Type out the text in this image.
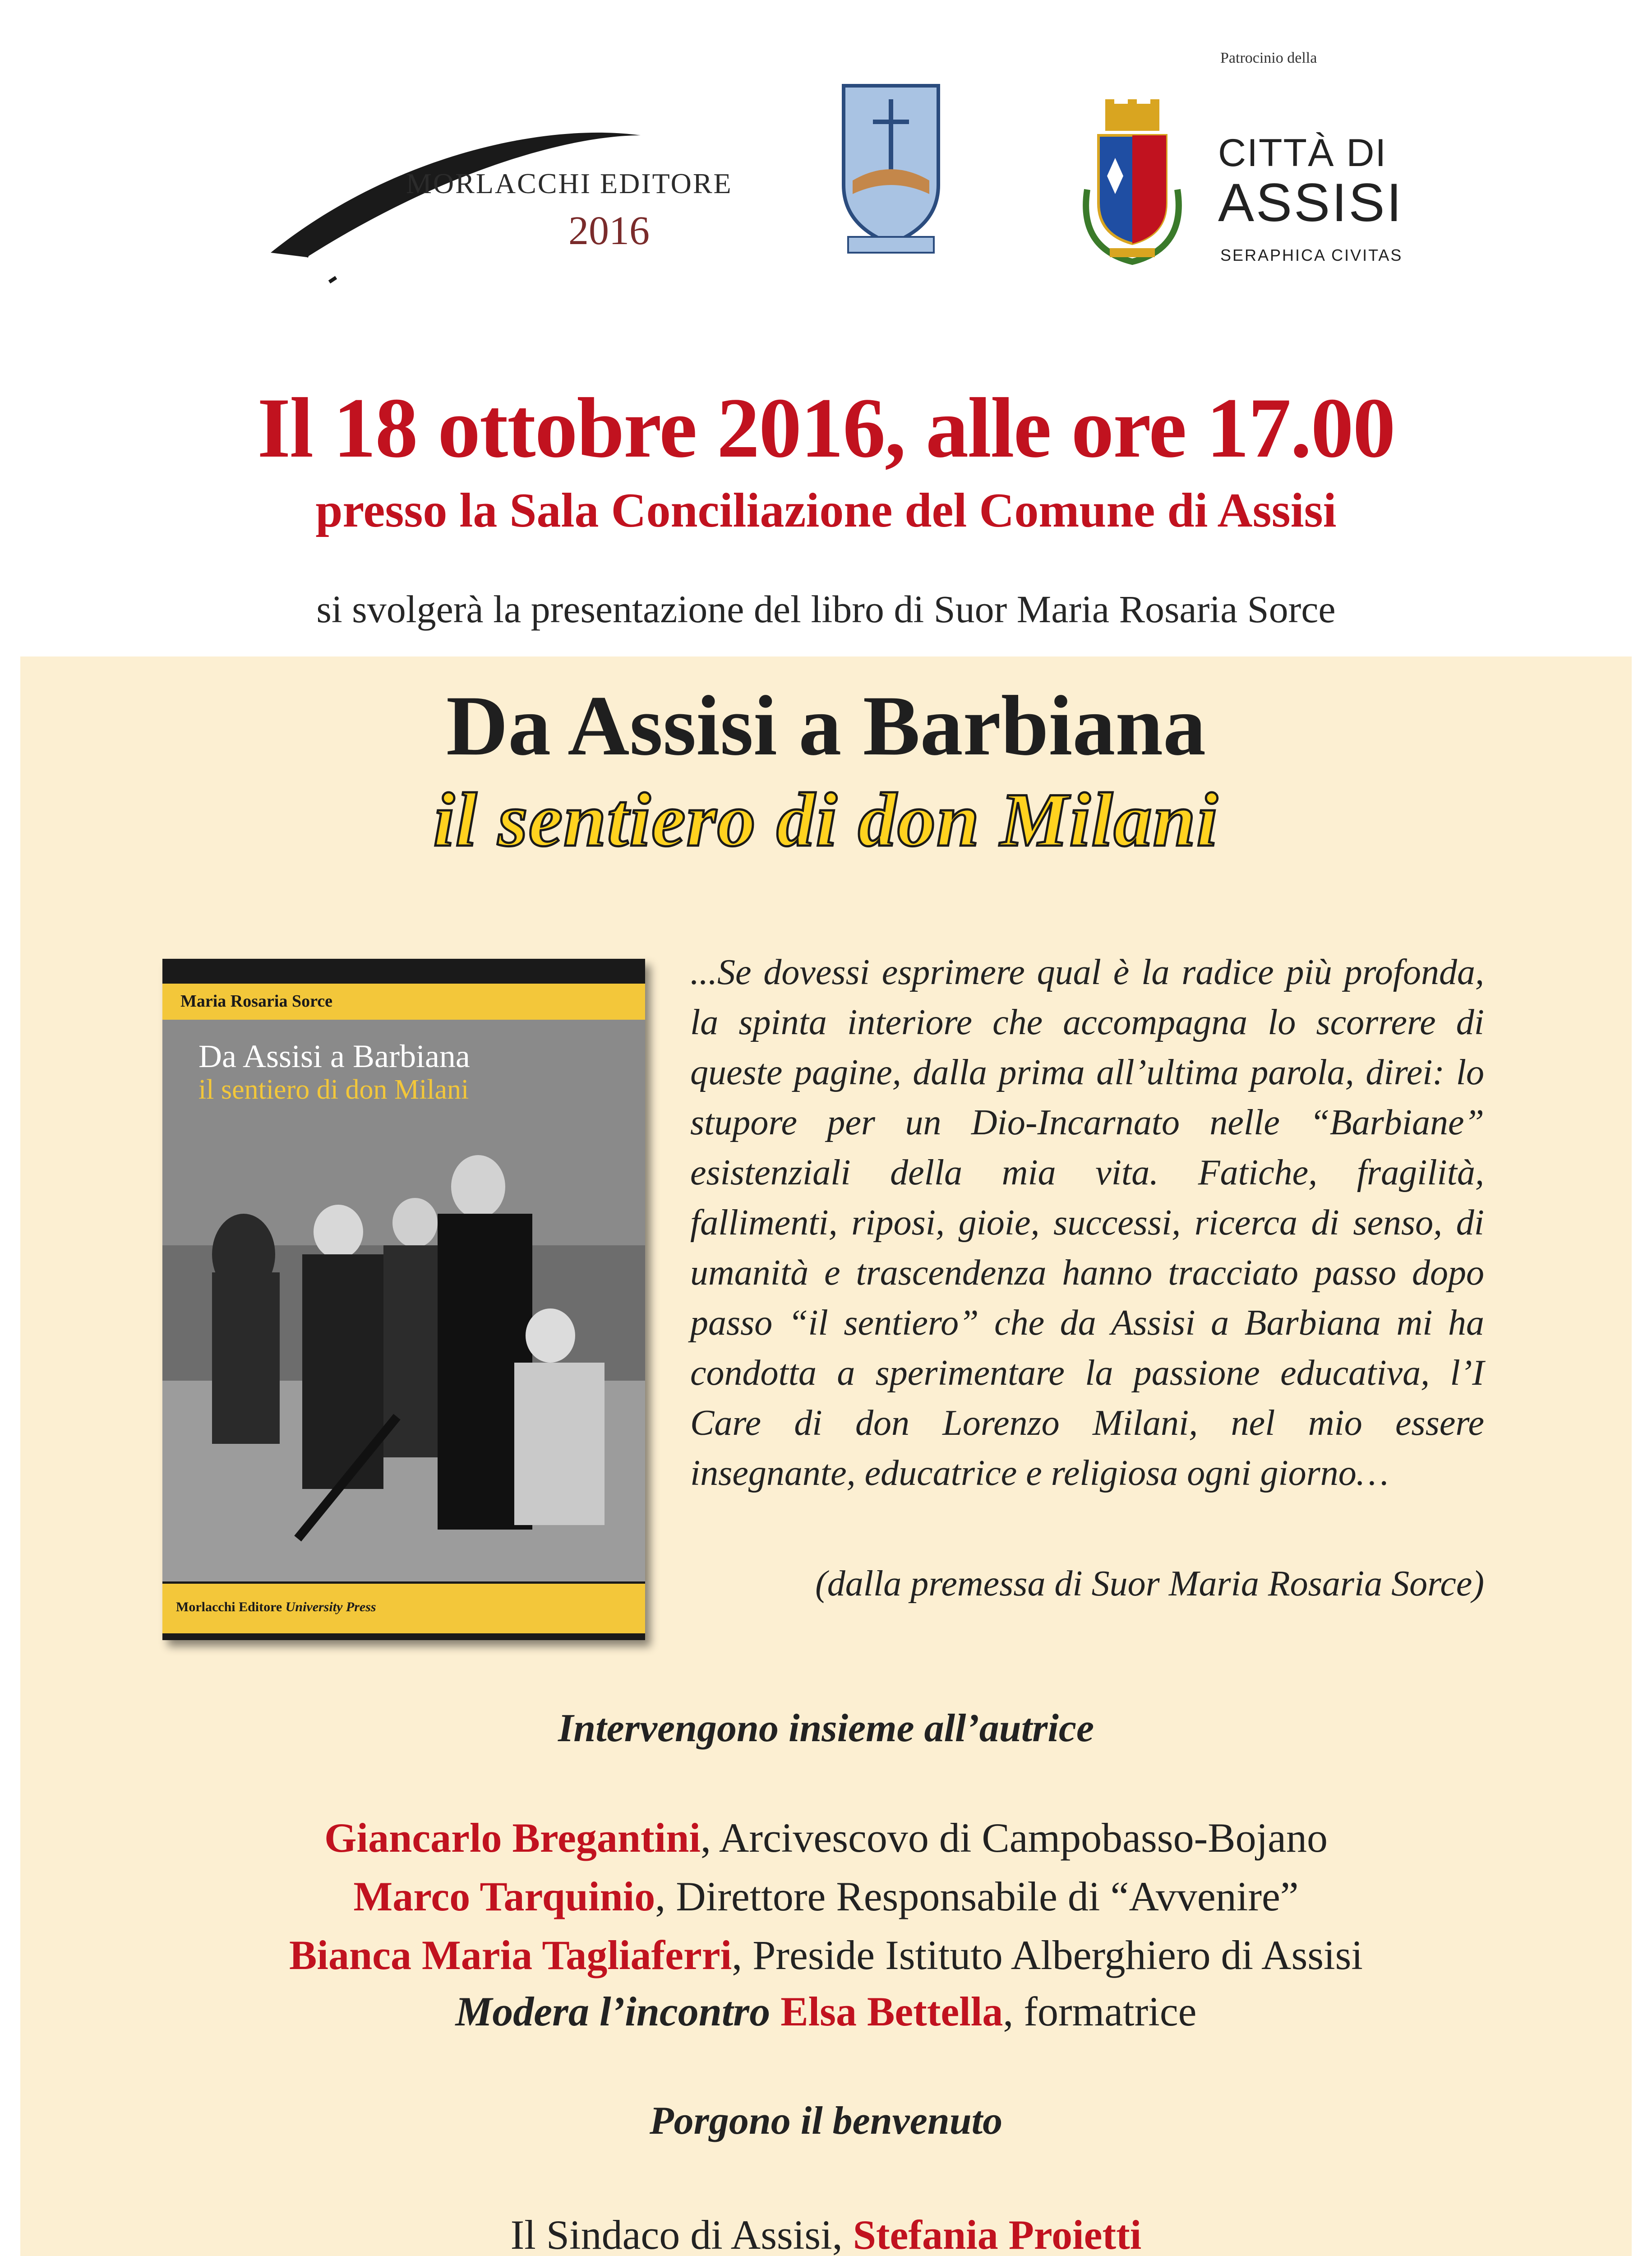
MORLACCHI EDITORE
2016
Patrocinio della
CITTÀ DI
ASSISI
SERAPHICA CIVITAS
Il 18 ottobre 2016, alle ore 17.00
presso la Sala Conciliazione del Comune di Assisi
si svolgerà la presentazione del libro di Suor Maria Rosaria Sorce
Da Assisi a Barbiana
il sentiero di don Milani
Maria Rosaria Sorce
Da Assisi a Barbiana
il sentiero di don Milani
Morlacchi Editore University Press
...Se dovessi esprimere qual è la radice più profonda, la spinta interiore che accompagna lo scorrere di queste pagine, dalla prima all’ultima parola, direi: lo stupore per un Dio-Incarnato nelle “Barbiane” esistenziali della mia vita. Fatiche, fragilità, fallimenti, riposi, gioie, successi, ricerca di senso, di umanità e trascendenza hanno tracciato passo dopo passo “il sentiero” che da Assisi a Barbiana mi ha condotta a sperimentare la passione educativa, l’I Care di don Lorenzo Milani, nel mio essere insegnante, educatrice e religiosa ogni giorno…
(dalla premessa di Suor Maria Rosaria Sorce)
Intervengono insieme all’autrice
Giancarlo Bregantini, Arcivescovo di Campobasso-Bojano
Marco Tarquinio, Direttore Responsabile di “Avvenire”
Bianca Maria Tagliaferri, Preside Istituto Alberghiero di Assisi
Modera l’incontro Elsa Bettella, formatrice
Porgono il benvenuto
Il Sindaco di Assisi, Stefania Proietti
